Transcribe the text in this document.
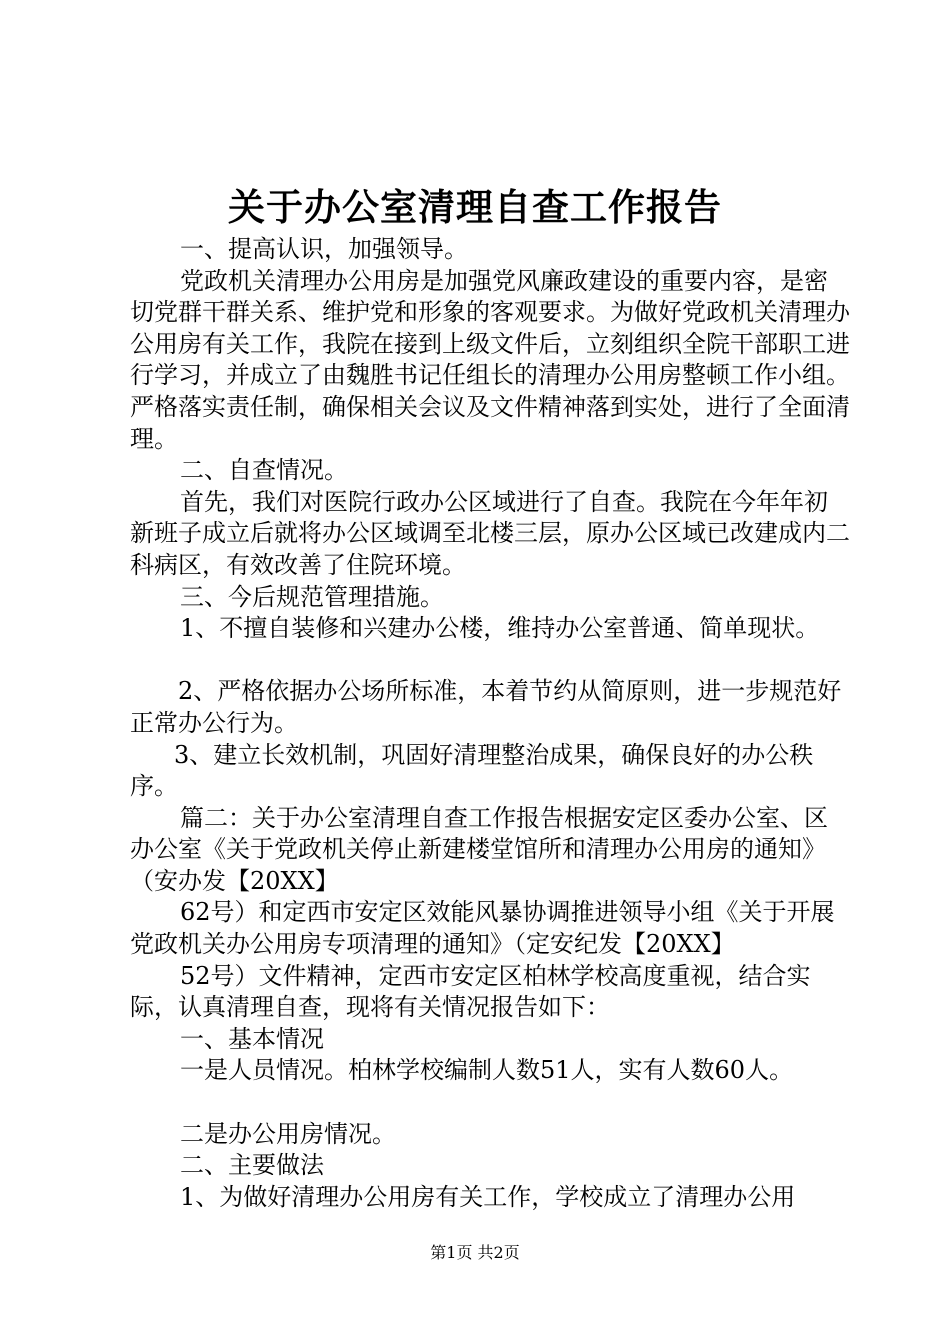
关于办公室清理自查工作报告

一、提高认识，加强领导。

党政机关清理办公用房是加强党风廉政建设的重要内容，是密切党群干群关系、维护党和形象的客观要求。为做好党政机关清理办公用房有关工作，我院在接到上级文件后，立刻组织全院干部职工进行学习，并成立了由魏胜书记任组长的清理办公用房整顿工作小组。严格落实责任制，确保相关会议及文件精神落到实处，进行了全面清理。

二、自查情况。

首先，我们对医院行政办公区域进行了自查。我院在今年年初新班子成立后就将办公区域调至北楼三层，原办公区域已改建成内二科病区，有效改善了住院环境。

三、今后规范管理措施。

1、不擅自装修和兴建办公楼，维持办公室普通、简单现状。

2、严格依据办公场所标准，本着节约从简原则，进一步规范好正常办公行为。

3、建立长效机制，巩固好清理整治成果，确保良好的办公秩序。

篇二：关于办公室清理自查工作报告根据安定区委办公室、区办公室《关于党政机关停止新建楼堂馆所和清理办公用房的通知》（安办发【20XX】

62号）和定西市安定区效能风暴协调推进领导小组《关于开展党政机关办公用房专项清理的通知》（定安纪发【20XX】

52号）文件精神，定西市安定区柏林学校高度重视，结合实际，认真清理自查，现将有关情况报告如下：

一、基本情况

一是人员情况。柏林学校编制人数51人，实有人数60人。

二是办公用房情况。

二、主要做法

1、为做好清理办公用房有关工作，学校成立了清理办公用

第1页 共2页
